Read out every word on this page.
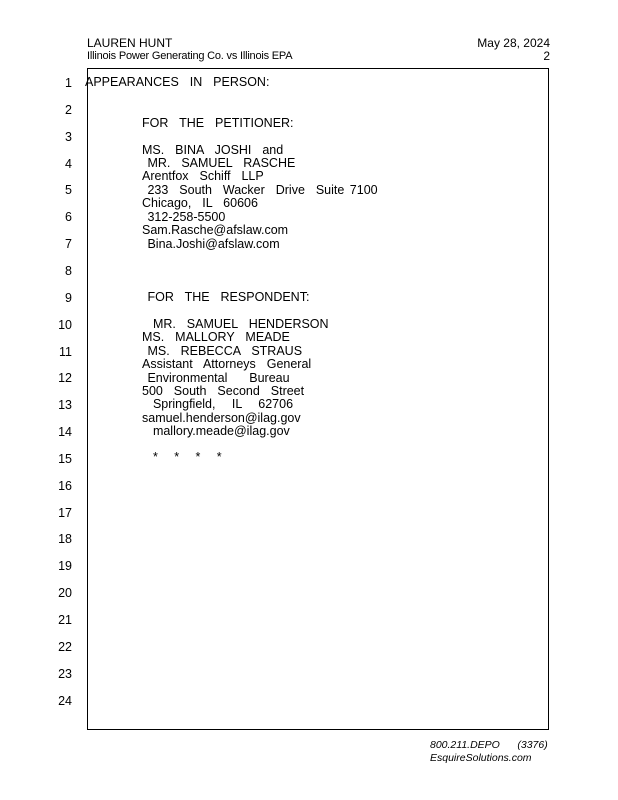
LAUREN HUNT
Illinois Power Generating Co. vs Illinois EPA
May 28, 2024
2
1
2
3
4
5
6
7
8
9
10
11
12
13
14
15
16
17
18
19
20
21
22
23
24
APPEARANCES  IN  PERSON:
FOR  THE  PETITIONER:
MS.  BINA  JOSHI  and
MR.  SAMUEL  RASCHE
Arentfox  Schiff  LLP
233  South  Wacker  Drive  Suite 7100
Chicago,  IL  60606
312-258-5500
Sam.Rasche@afslaw.com
Bina.Joshi@afslaw.com
FOR  THE  RESPONDENT:
MR.  SAMUEL  HENDERSON
MS.  MALLORY  MEADE
MS.  REBECCA  STRAUS
Assistant  Attorneys  General
Environmental    Bureau
500  South  Second  Street
Springfield,   IL   62706
samuel.henderson@ilag.gov
mallory.meade@ilag.gov
*   *   *   *
800.211.DEPO      (3376)
EsquireSolutions.com
